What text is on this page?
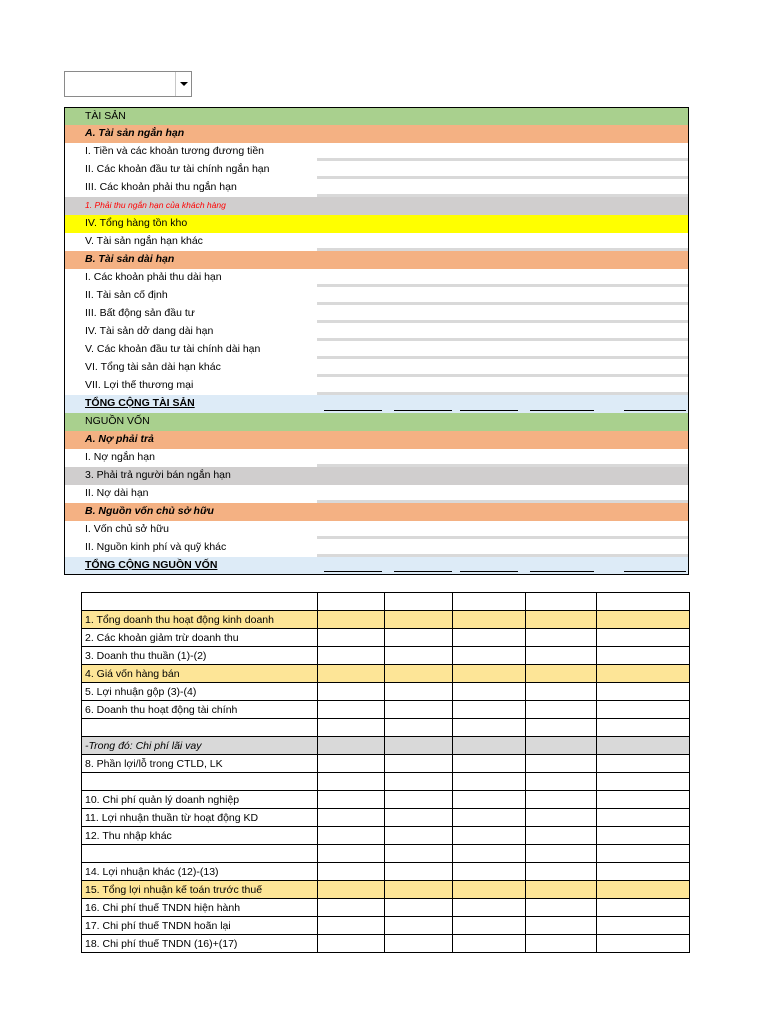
TÀI SẢN
A. Tài sản ngắn hạn
I. Tiền và các khoản tương đương tiền
II. Các khoản đầu tư tài chính ngắn hạn
III. Các khoản phải thu ngắn hạn
1. Phải thu ngắn hạn của khách hàng
IV. Tổng hàng tồn kho
V. Tài sản ngắn hạn khác
B. Tài sản dài hạn
I. Các khoản phải thu dài hạn
II. Tài sản cố định
III. Bất động sản đầu tư
IV. Tài sản dở dang dài hạn
V. Các khoản đầu tư tài chính dài hạn
VI. Tổng tài sản dài hạn khác
VII. Lợi thế thương mại
TỔNG CỘNG TÀI SẢN
NGUỒN VỐN
A. Nợ phải trả
I. Nợ ngắn hạn
3. Phải trả người bán ngắn hạn
II. Nợ dài hạn
B. Nguồn vốn chủ sở hữu
I. Vốn chủ sở hữu
II. Nguồn kinh phí và quỹ khác
TỔNG CỘNG NGUỒN VỐN

1. Tổng doanh thu hoạt động kinh doanh					
2. Các khoản giảm trừ doanh thu					
3. Doanh thu thuần (1)-(2)					
4. Giá vốn hàng bán					
5. Lợi nhuận gộp (3)-(4)					
6. Doanh thu hoạt động tài chính					

-Trong đó: Chi phí lãi vay					
8. Phần lợi/lỗ trong CTLD, LK					

10. Chi phí quản lý doanh nghiệp					
11. Lợi nhuận thuần từ hoạt động KD					
12. Thu nhập khác					

14. Lợi nhuận khác (12)-(13)					
15. Tổng lợi nhuận kế toán trước thuế					
16. Chi phí thuế TNDN hiện hành					
17. Chi phí thuế TNDN hoãn lại					
18. Chi phí thuế TNDN (16)+(17)					
